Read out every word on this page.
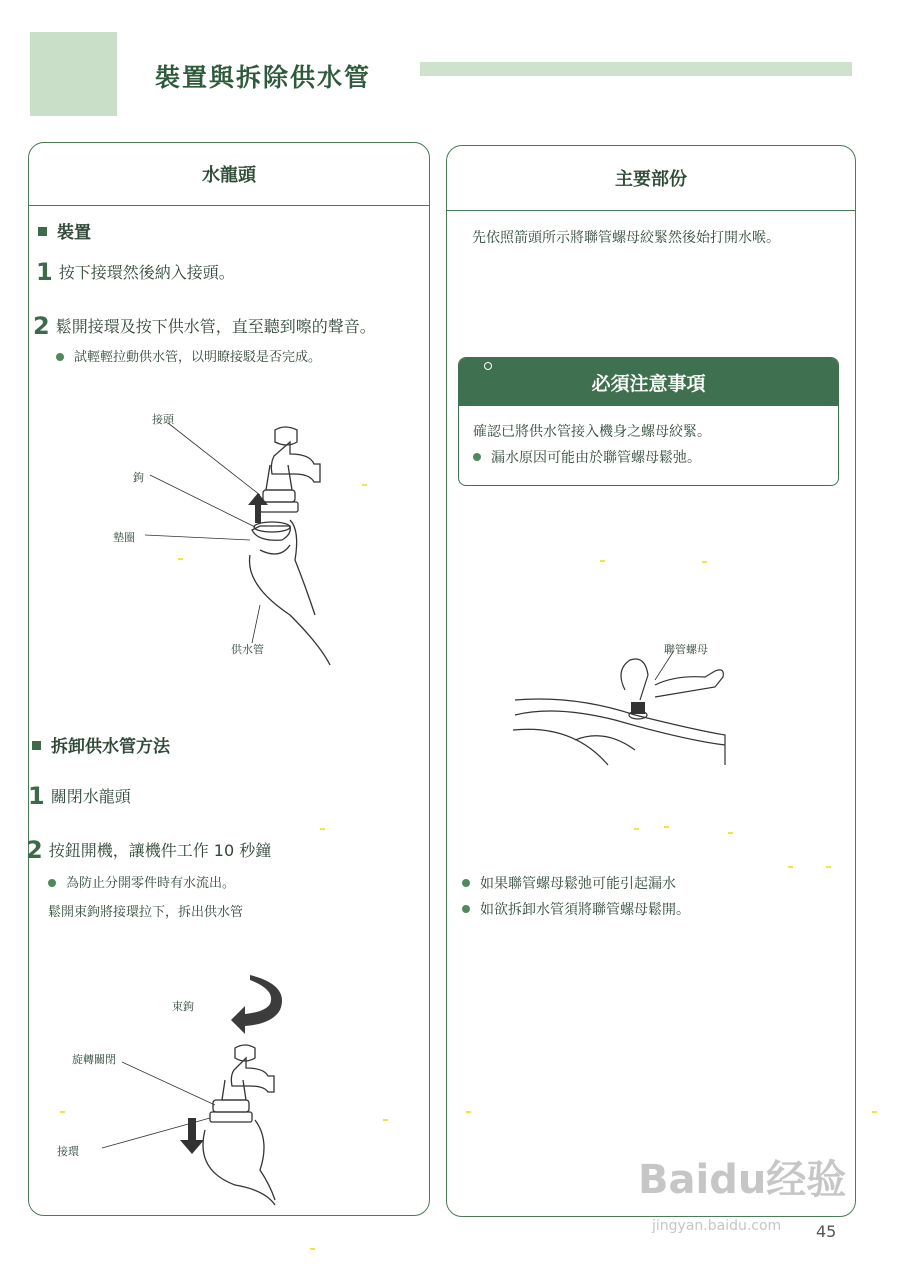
裝置與拆除供水管
水龍頭
裝置
1 按下接環然後納入接頭。
2 鬆開接環及按下供水管，直至聽到嚓的聲音。
試輕輕拉動供水管，以明瞭接駁是否完成。
接頭
鉤
墊圈
供水管
拆卸供水管方法
1 關閉水龍頭
2 按鈕開機，讓機件工作 10 秒鐘
為防止分開零件時有水流出。
鬆開束鉤將接環拉下，拆出供水管
束鉤
旋轉關閉
接環
主要部份
先依照箭頭所示將聯管螺母絞緊然後始打開水喉。
必須注意事項
確認已將供水管接入機身之螺母絞緊。
漏水原因可能由於聯管螺母鬆弛。
聯管螺母
如果聯管螺母鬆弛可能引起漏水
如欲拆卸水管須將聯管螺母鬆開。
Baidu经验
jingyan.baidu.com 45
